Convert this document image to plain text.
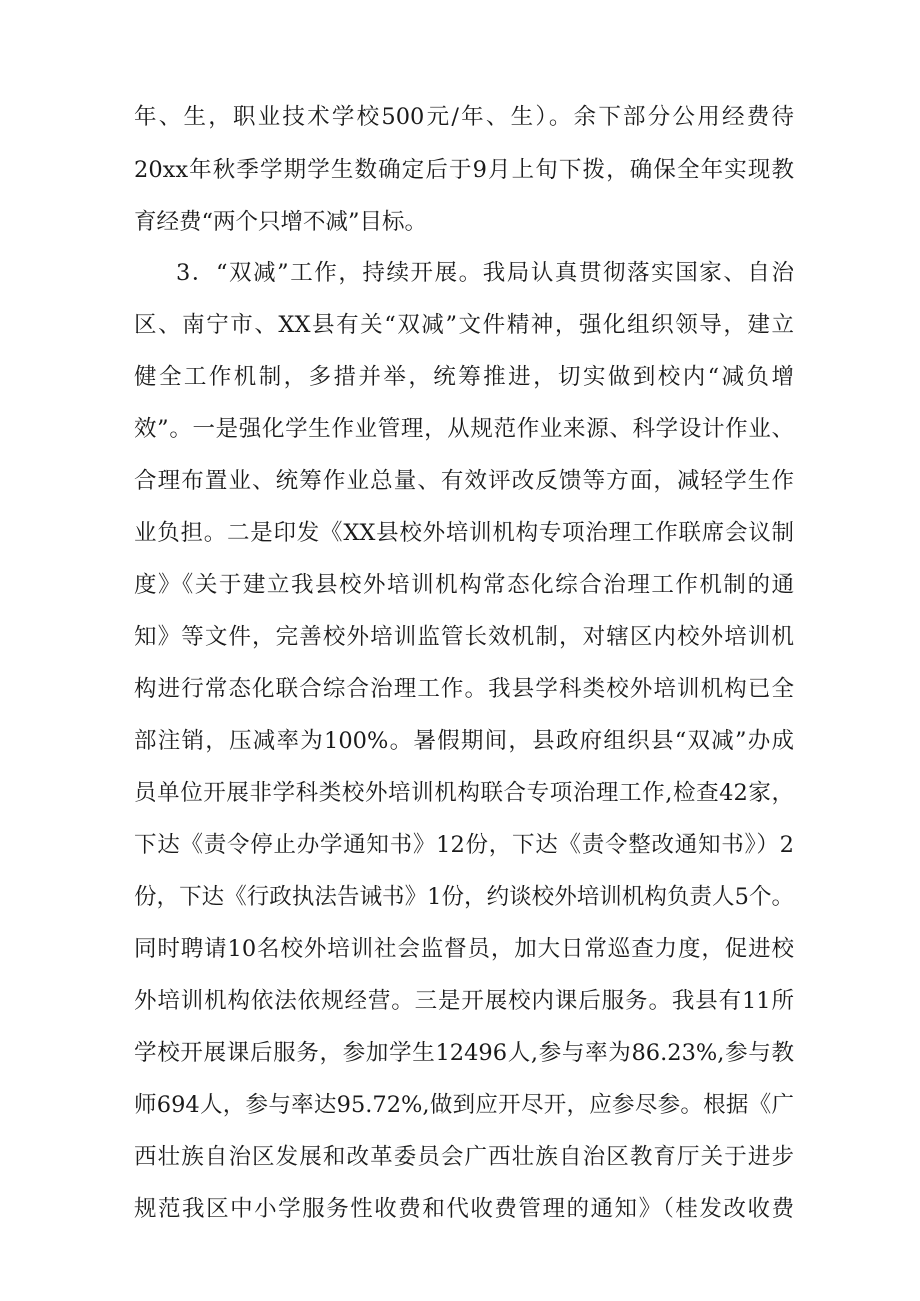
年、生，职业技术学校500元/年、生）。余下部分公用经费待
20xx年秋季学期学生数确定后于9月上旬下拨，确保全年实现教
育经费“两个只增不减”目标。
3．“双减”工作，持续开展。我局认真贯彻落实国家、自治
区、南宁市、XX县有关“双减”文件精神，强化组织领导，建立
健全工作机制，多措并举，统筹推进，切实做到校内“减负增
效”。一是强化学生作业管理，从规范作业来源、科学设计作业、
合理布置业、统筹作业总量、有效评改反馈等方面，减轻学生作
业负担。二是印发《XX县校外培训机构专项治理工作联席会议制
度》《关于建立我县校外培训机构常态化综合治理工作机制的通
知》等文件，完善校外培训监管长效机制，对辖区内校外培训机
构进行常态化联合综合治理工作。我县学科类校外培训机构已全
部注销，压减率为100%。暑假期间，县政府组织县“双减”办成
员单位开展非学科类校外培训机构联合专项治理工作,检查42家，
下达《责令停止办学通知书》12份，下达《责令整改通知书》）2
份，下达《行政执法告诫书》1份，约谈校外培训机构负责人5个。
同时聘请10名校外培训社会监督员，加大日常巡查力度，促进校
外培训机构依法依规经营。三是开展校内课后服务。我县有11所
学校开展课后服务，参加学生12496人,参与率为86.23%,参与教
师694人，参与率达95.72%,做到应开尽开，应参尽参。根据《广
西壮族自治区发展和改革委员会广西壮族自治区教育厅关于进步
规范我区中小学服务性收费和代收费管理的通知》（桂发改收费
